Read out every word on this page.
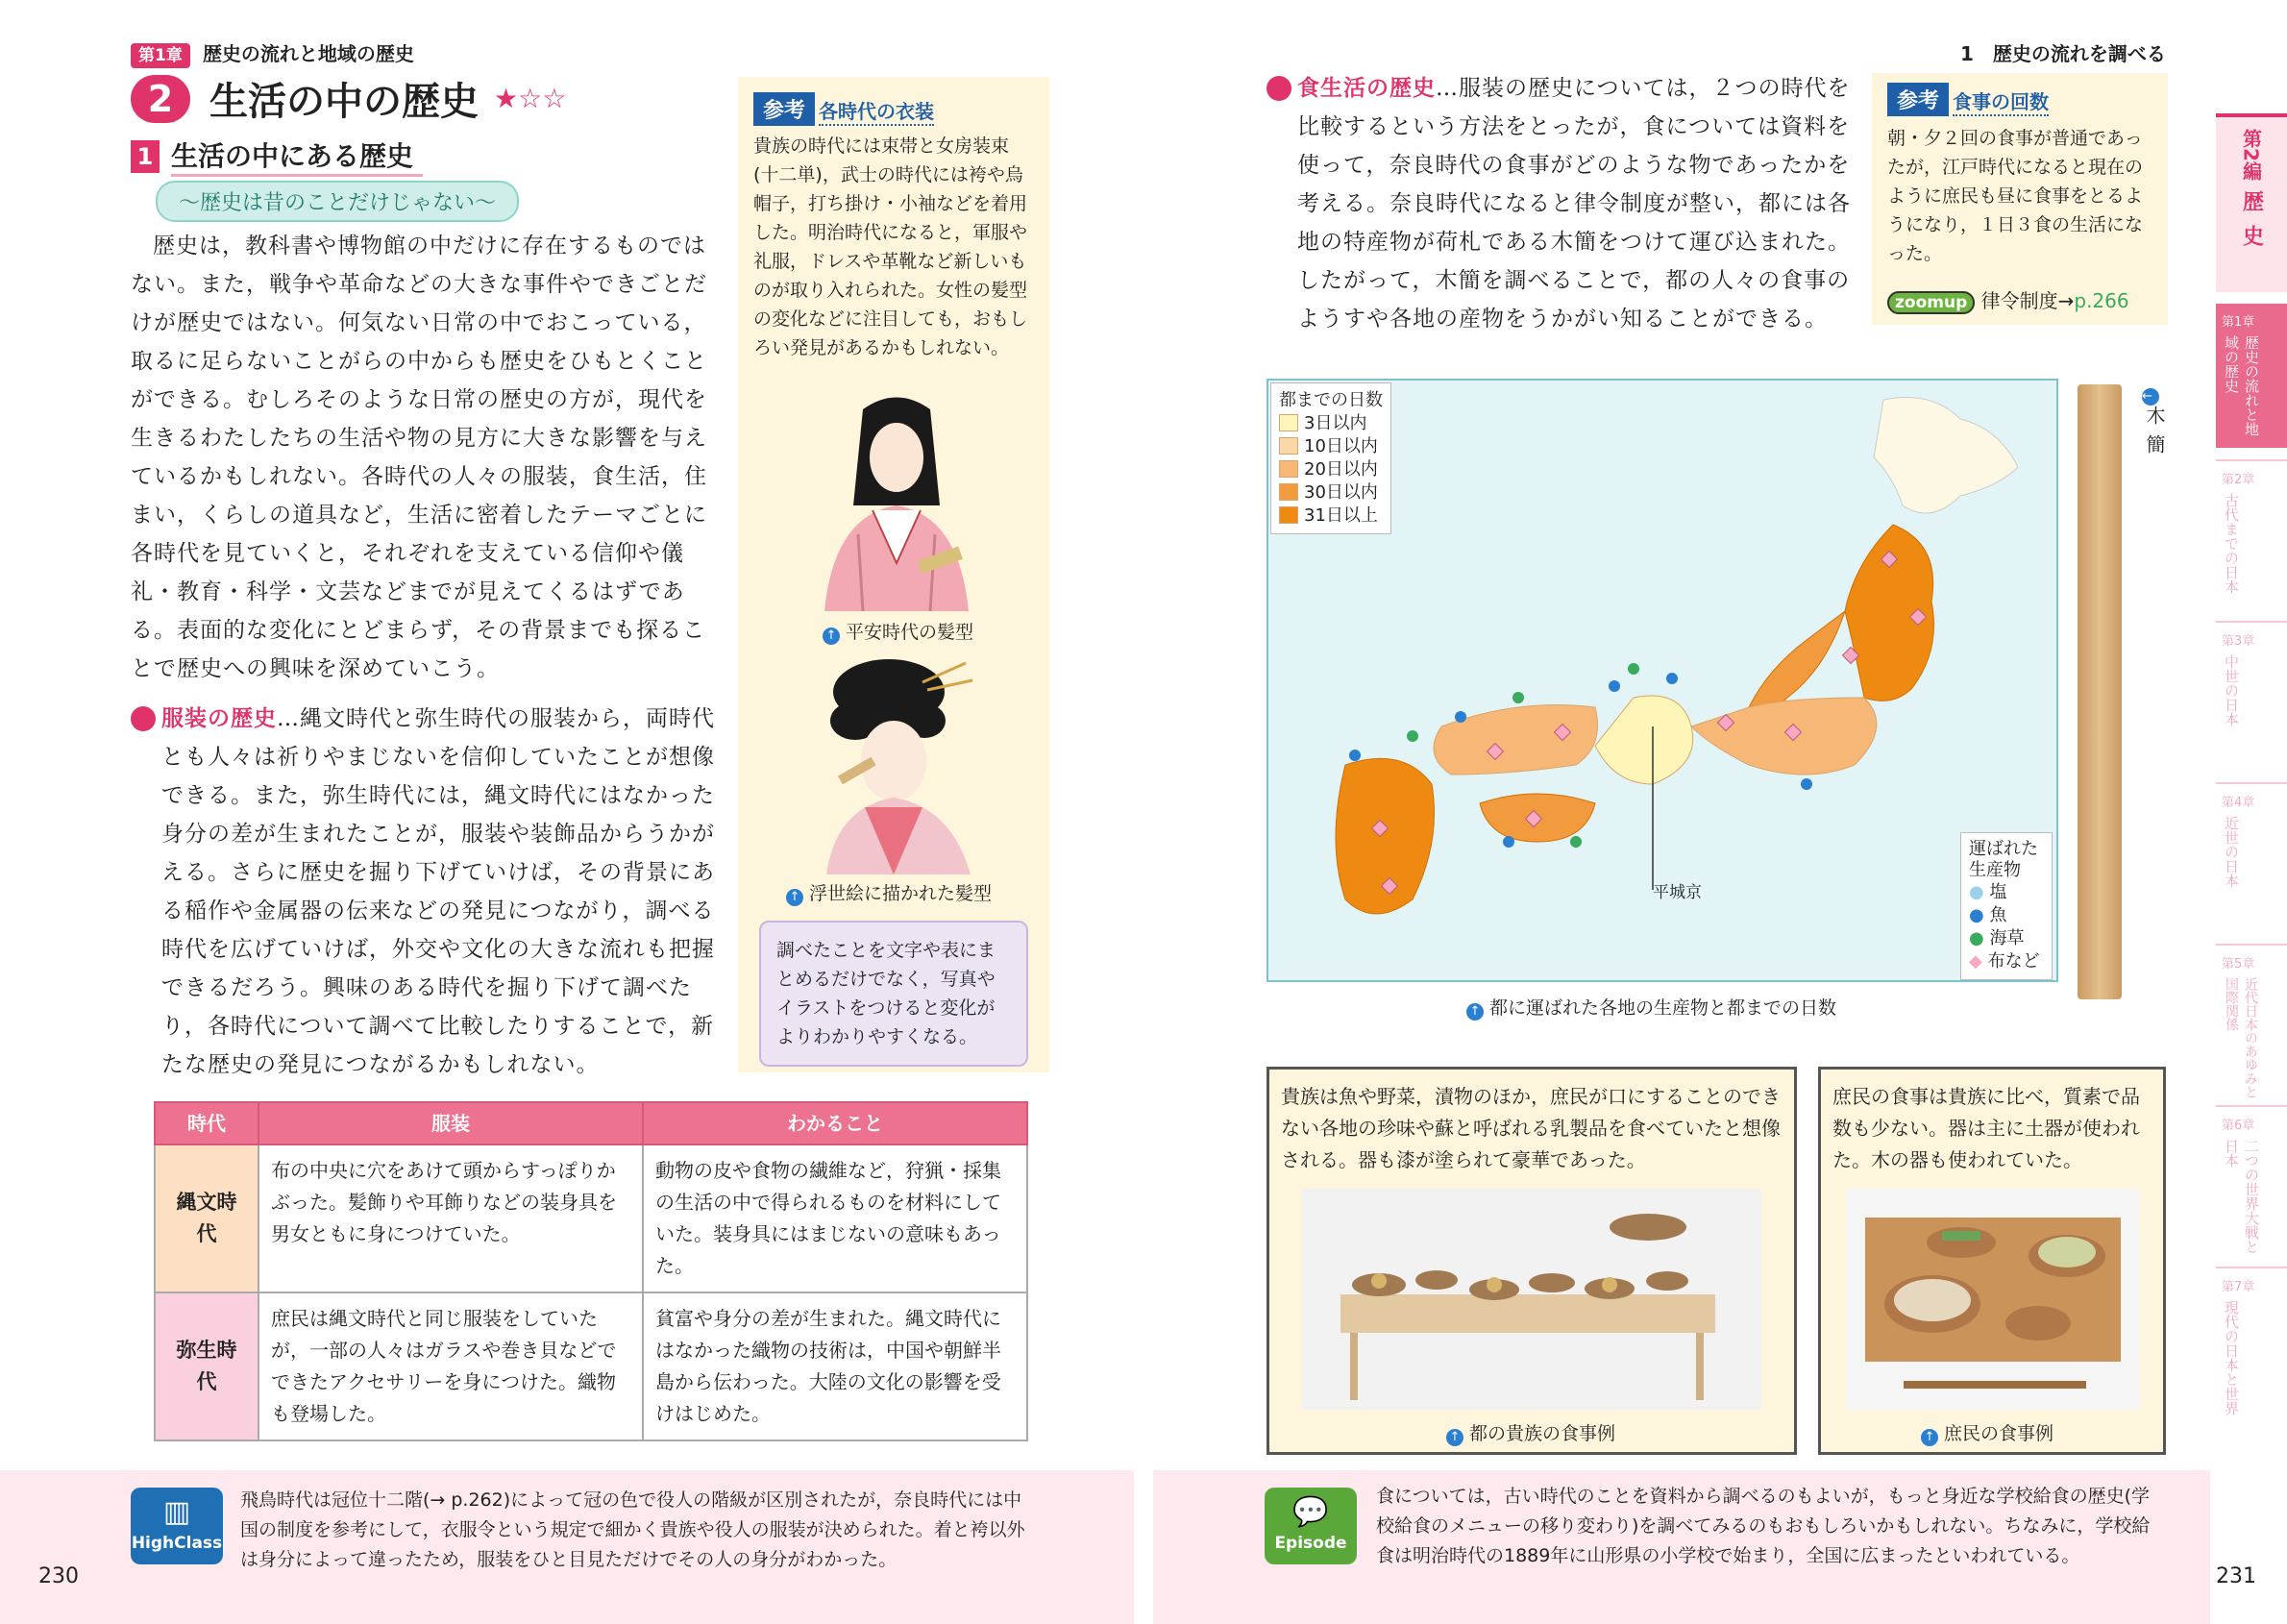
第1章 歴史の流れと地域の歴史
2 生活の中の歴史 ★☆☆
1 生活の中にある歴史
～歴史は昔のことだけじゃない～
歴史は，教科書や博物館の中だけに存在するものではない。また，戦争や革命などの大きな事件やできごとだけが歴史ではない。何気ない日常の中でおこっている，取るに足らないことがらの中からも歴史をひもとくことができる。むしろそのような日常の歴史の方が，現代を生きるわたしたちの生活や物の見方に大きな影響を与えているかもしれない。各時代の人々の服装，食生活，住まい，くらしの道具など，生活に密着したテーマごとに各時代を見ていくと，それぞれを支えている信仰や儀礼・教育・科学・文芸などまでが見えてくるはずである。表面的な変化にとどまらず，その背景までも探ることで歴史への興味を深めていこう。
1 服装の歴史…縄文時代と弥生時代の服装から，両時代とも人々は祈りやまじないを信仰していたことが想像できる。また，弥生時代には，縄文時代にはなかった身分の差が生まれたことが，服装や装飾品からうかがえる。さらに歴史を掘り下げていけば，その背景にある稲作や金属器の伝来などの発見につながり，調べる時代を広げていけば，外交や文化の大きな流れも把握できるだろう。興味のある時代を掘り下げて調べたり，各時代について調べて比較したりすることで，新たな歴史の発見につながるかもしれない。
参考 各時代の衣装
貴族の時代には束帯と女房装束(十二単)，武士の時代には袴や烏帽子，打ち掛け・小袖などを着用した。明治時代になると，軍服や礼服，ドレスや革靴など新しいものが取り入れられた。女性の髪型の変化などに注目しても，おもしろい発見があるかもしれない。
↑ 平安時代の髪型
↑ 浮世絵に描かれた髪型
調べたことを文字や表にまとめるだけでなく，写真やイラストをつけると変化がよりわかりやすくなる。
時代	服装	わかること
縄文時代	布の中央に穴をあけて頭からすっぽりかぶった。髪飾りや耳飾りなどの装身具を男女ともに身につけていた。	動物の皮や食物の繊維など，狩猟・採集の生活の中で得られるものを材料にしていた。装身具にはまじないの意味もあった。
弥生時代	庶民は縄文時代と同じ服装をしていたが，一部の人々はガラスや巻き貝などでできたアクセサリーを身につけた。織物も登場した。	貧富や身分の差が生まれた。縄文時代にはなかった織物の技術は，中国や朝鮮半島から伝わった。大陸の文化の影響を受けはじめた。
▥
HighClass
飛鳥時代は冠位十二階(→ p.262)によって冠の色で役人の階級が区別されたが，奈良時代には中国の制度を参考にして，衣服令という規定で細かく貴族や役人の服装が決められた。着と袴以外は身分によって違ったため，服装をひと目見ただけでその人の身分がわかった。
230
1　歴史の流れを調べる
2 食生活の歴史…服装の歴史については，２つの時代を比較するという方法をとったが，食については資料を使って，奈良時代の食事がどのような物であったかを考える。奈良時代になると律令制度が整い，都には各地の特産物が荷札である木簡をつけて運び込まれた。したがって，木簡を調べることで，都の人々の食事のようすや各地の産物をうかがい知ることができる。
参考 食事の回数
朝・夕２回の食事が普通であったが，江戸時代になると現在のように庶民も昼に食事をとるようになり，１日３食の生活になった。
zoomup 律令制度→p.266
都までの日数
3日以内
10日以内
20日以内
30日以内
31日以上
平城京
運ばれた
生産物
● 塩
● 魚
● 海草
◆ 布など
↑ 都に運ばれた各地の生産物と都までの日数
←木簡
貴族は魚や野菜，漬物のほか，庶民が口にすることのできない各地の珍味や蘇と呼ばれる乳製品を食べていたと想像される。器も漆が塗られて豪華であった。
↑ 都の貴族の食事例
庶民の食事は貴族に比べ，質素で品数も少ない。器は主に土器が使われた。木の器も使われていた。
↑ 庶民の食事例
💬
Episode
食については，古い時代のことを資料から調べるのもよいが，もっと身近な学校給食の歴史(学校給食のメニューの移り変わり)を調べてみるのもおもしろいかもしれない。ちなみに，学校給食は明治時代の1889年に山形県の小学校で始まり，全国に広まったといわれている。
231
第2編
歴史
第1章
歴史の流れと地域の歴史
第2章
古代までの日本
第3章
中世の日本
第4章
近世の日本
第5章
近代日本のあゆみと国際関係
第6章
二つの世界大戦と日本
第7章
現代の日本と世界
